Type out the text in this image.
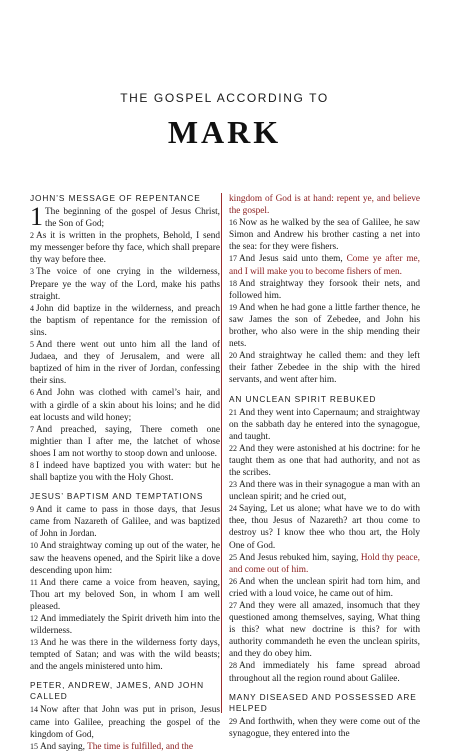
THE GOSPEL ACCORDING TO
MARK
JOHN’S MESSAGE OF REPENTANCE

1 The beginning of the gospel of Jesus Christ, the Son of God;

2 As it is written in the prophets, Behold, I send my messenger before thy face, which shall prepare thy way before thee.

3 The voice of one crying in the wilderness, Prepare ye the way of the Lord, make his paths straight.

4 John did baptize in the wilderness, and preach the baptism of repentance for the remission of sins.

5 And there went out unto him all the land of Judaea, and they of Jerusalem, and were all baptized of him in the river of Jordan, confessing their sins.

6 And John was clothed with camel’s hair, and with a girdle of a skin about his loins; and he did eat locusts and wild honey;

7 And preached, saying, There cometh one mightier than I after me, the latchet of whose shoes I am not worthy to stoop down and unloose.

8 I indeed have baptized you with water: but he shall baptize you with the Holy Ghost.

JESUS’ BAPTISM AND TEMPTATIONS

9 And it came to pass in those days, that Jesus came from Nazareth of Galilee, and was baptized of John in Jordan.

10 And straightway coming up out of the water, he saw the heavens opened, and the Spirit like a dove descending upon him:

11 And there came a voice from heaven, saying, Thou art my beloved Son, in whom I am well pleased.

12 And immediately the Spirit driveth him into the wilderness.

13 And he was there in the wilderness forty days, tempted of Satan; and was with the wild beasts; and the angels ministered unto him.

PETER, ANDREW, JAMES, AND JOHN CALLED

14 Now after that John was put in prison, Jesus came into Galilee, preaching the gospel of the kingdom of God,

15 And saying, The time is fulfilled, and the

kingdom of God is at hand: repent ye, and believe the gospel.

16 Now as he walked by the sea of Galilee, he saw Simon and Andrew his brother casting a net into the sea: for they were fishers.

17 And Jesus said unto them, Come ye after me, and I will make you to become fishers of men.

18 And straightway they forsook their nets, and followed him.

19 And when he had gone a little farther thence, he saw James the son of Zebedee, and John his brother, who also were in the ship mending their nets.

20 And straightway he called them: and they left their father Zebedee in the ship with the hired servants, and went after him.

AN UNCLEAN SPIRIT REBUKED

21 And they went into Capernaum; and straightway on the sabbath day he entered into the synagogue, and taught.

22 And they were astonished at his doctrine: for he taught them as one that had authority, and not as the scribes.

23 And there was in their synagogue a man with an unclean spirit; and he cried out,

24 Saying, Let us alone; what have we to do with thee, thou Jesus of Nazareth? art thou come to destroy us? I know thee who thou art, the Holy One of God.

25 And Jesus rebuked him, saying, Hold thy peace, and come out of him.

26 And when the unclean spirit had torn him, and cried with a loud voice, he came out of him.

27 And they were all amazed, insomuch that they questioned among themselves, saying, What thing is this? what new doctrine is this? for with authority commandeth he even the unclean spirits, and they do obey him.

28 And immediately his fame spread abroad throughout all the region round about Galilee.

MANY DISEASED AND POSSESSED ARE HELPED

29 And forthwith, when they were come out of the synagogue, they entered into the
